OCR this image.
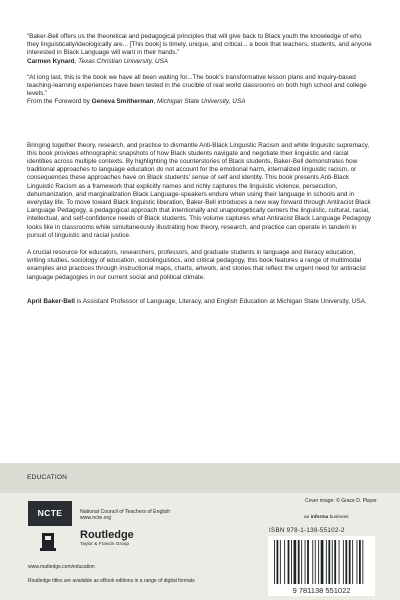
“Baker-Bell offers us the theoretical and pedagogical principles that will give back to Black youth the knowledge of who they linguistically/ideologically are... [This book] is timely, unique, and critical... a book that teachers, students, and anyone interested in Black Language will want in their hands.”
Carmen Kynard, Texas Christian University, USA

“At long last, this is the book we have all been waiting for...The book’s transformative lesson plans and inquiry-based teaching-learning experiences have been tested in the crucible of real world classrooms on both high school and college levels.”
From the Foreword by Geneva Smitherman, Michigan State University, USA

Bringing together theory, research, and practice to dismantle Anti-Black Linguistic Racism and white linguistic supremacy, this book provides ethnographic snapshots of how Black students navigate and negotiate their linguistic and racial identities across multiple contexts. By highlighting the counterstories of Black students, Baker-Bell demonstrates how traditional approaches to language education do not account for the emotional harm, internalized linguistic racism, or consequences these approaches have on Black students’ sense of self and identity. This book presents Anti-Black Linguistic Racism as a framework that explicitly names and richly captures the linguistic violence, persecution, dehumanization, and marginalization Black Language-speakers endure when using their language in schools and in everyday life. To move toward Black linguistic liberation, Baker-Bell introduces a new way forward through Antiracist Black Language Pedagogy, a pedagogical approach that intentionally and unapologetically centers the linguistic, cultural, racial, intellectual, and self-confidence needs of Black students. This volume captures what Antiracist Black Language Pedagogy looks like in classrooms while simultaneously illustrating how theory, research, and practice can operate in tandem in pursuit of linguistic and racial justice.

A crucial resource for educators, researchers, professors, and graduate students in language and literacy education, writing studies, sociology of education, sociolinguistics, and critical pedagogy, this book features a range of multimodal examples and practices through instructional maps, charts, artwork, and stories that reflect the urgent need for antiracist language pedagogies in our current social and political climate.

April Baker-Bell is Assistant Professor of Language, Literacy, and English Education at Michigan State University, USA.

EDUCATION
NCTE	National Council of Teachers of English
www.ncte.org
Routledge
Taylor & Francis Group
www.routledge.com/education
Routledge titles are available as eBook editions in a range of digital formats
Cover image: © Grace D. Player
an informa business
ISBN 978-1-138-55102-2
9 781138 551022
